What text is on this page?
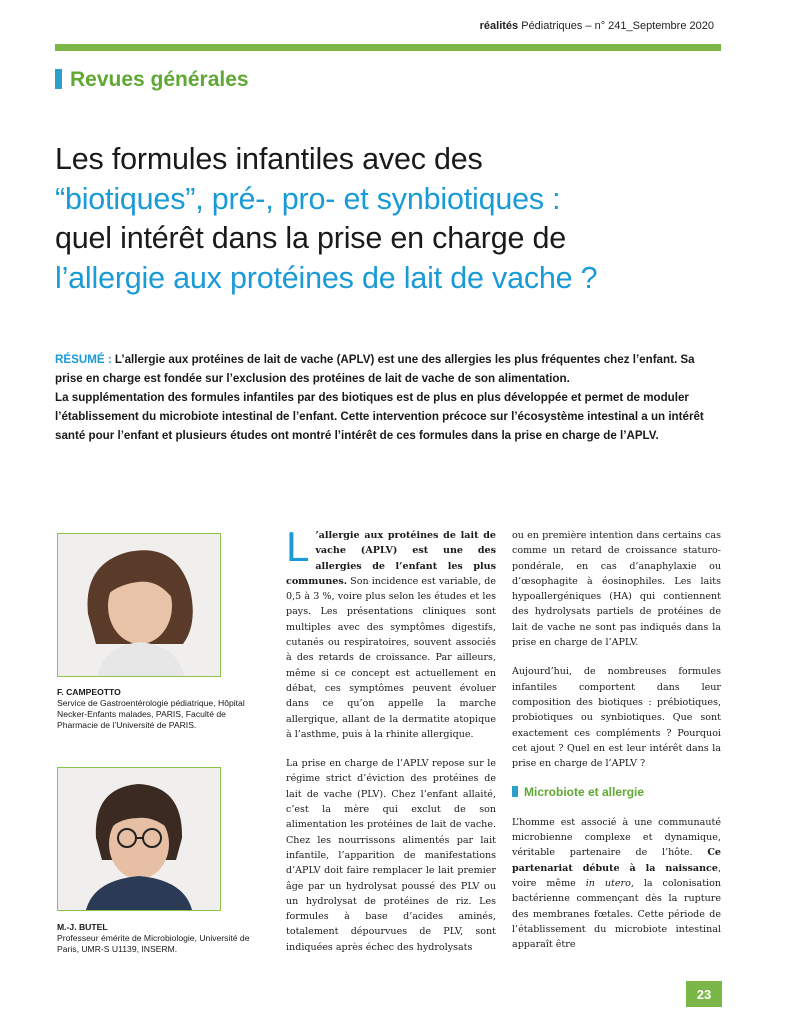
réalités Pédiatriques – n° 241_Septembre 2020
Revues générales
Les formules infantiles avec des
“biotiques”, pré-, pro- et synbiotiques :
quel intérêt dans la prise en charge de
l’allergie aux protéines de lait de vache ?

RÉSUMÉ : L’allergie aux protéines de lait de vache (APLV) est une des allergies les plus fréquentes chez l’enfant. Sa prise en charge est fondée sur l’exclusion des protéines de lait de vache de son alimentation.

La supplémentation des formules infantiles par des biotiques est de plus en plus développée et permet de moduler l’établissement du microbiote intestinal de l’enfant. Cette intervention précoce sur l’écosystème intestinal a un intérêt santé pour l’enfant et plusieurs études ont montré l’intérêt de ces formules dans la prise en charge de l’APLV.

F. CAMPEOTTO
Service de Gastroentérologie pédiatrique, Hôpital Necker-Enfants malades, PARIS, Faculté de Pharmacie de l’Université de PARIS.
M.-J. BUTEL
Professeur émérite de Microbiologie, Université de Paris, UMR-S U1139, INSERM.

L ’allergie aux protéines de lait de vache (APLV) est une des allergies de l’enfant les plus communes. Son incidence est variable, de 0,5 à 3 %, voire plus selon les études et les pays. Les présentations cliniques sont multiples avec des symptômes digestifs, cutanés ou respiratoires, souvent associés à des retards de croissance. Par ailleurs, même si ce concept est actuellement en débat, ces symptômes peuvent évoluer dans ce qu’on appelle la marche allergique, allant de la dermatite atopique à l’asthme, puis à la rhinite allergique.

La prise en charge de l’APLV repose sur le régime strict d’éviction des protéines de lait de vache (PLV). Chez l’enfant allaité, c’est la mère qui exclut de son alimentation les protéines de lait de vache. Chez les nourrissons alimentés par lait infantile, l’apparition de manifestations d’APLV doit faire remplacer le lait premier âge par un hydrolysat poussé des PLV ou un hydrolysat de protéines de riz. Les formules à base d’acides aminés, totalement dépourvues de PLV, sont indiquées après échec des hydrolysats

ou en première intention dans certains cas comme un retard de croissance staturo-pondérale, en cas d’anaphylaxie ou d’œsophagite à éosinophiles. Les laits hypoallergéniques (HA) qui contiennent des hydrolysats partiels de protéines de lait de vache ne sont pas indiqués dans la prise en charge de l’APLV.

Aujourd’hui, de nombreuses formules infantiles comportent dans leur composition des biotiques : prébiotiques, probiotiques ou synbiotiques. Que sont exactement ces compléments ? Pourquoi cet ajout ? Quel en est leur intérêt dans la prise en charge de l’APLV ?

Microbiote et allergie

L’homme est associé à une communauté microbienne complexe et dynamique, véritable partenaire de l’hôte. Ce partenariat débute à la naissance, voire même in utero, la colonisation bactérienne commençant dès la rupture des membranes fœtales. Cette période de l’établissement du microbiote intestinal apparaît être

23
